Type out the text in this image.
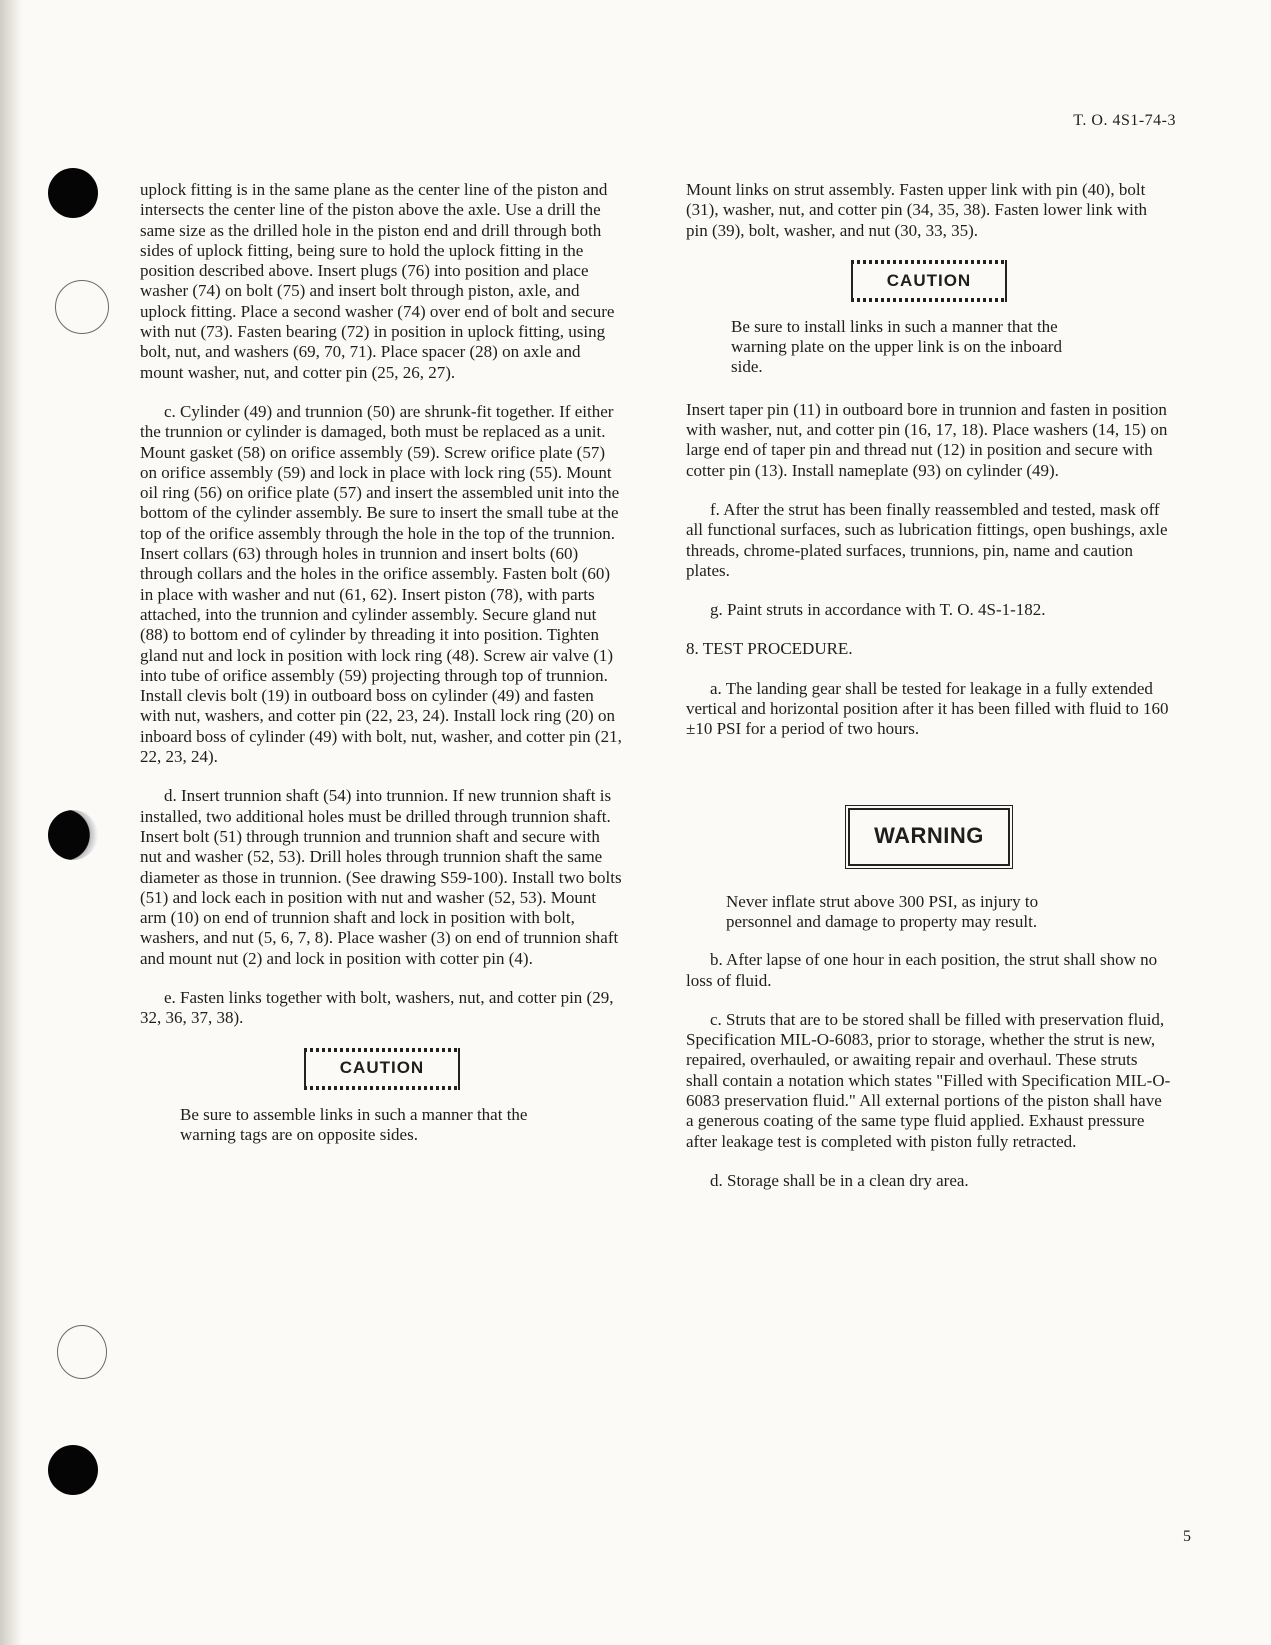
T. O. 4S1-74-3

uplock fitting is in the same plane as the center line of the piston and intersects the center line of the piston above the axle. Use a drill the same size as the drilled hole in the piston end and drill through both sides of uplock fitting, being sure to hold the uplock fitting in the position described above. Insert plugs (76) into position and place washer (74) on bolt (75) and insert bolt through piston, axle, and uplock fitting. Place a second washer (74) over end of bolt and secure with nut (73). Fasten bearing (72) in position in uplock fitting, using bolt, nut, and washers (69, 70, 71). Place spacer (28) on axle and mount washer, nut, and cotter pin (25, 26, 27).

c. Cylinder (49) and trunnion (50) are shrunk-fit together. If either the trunnion or cylinder is damaged, both must be replaced as a unit. Mount gasket (58) on orifice assembly (59). Screw orifice plate (57) on orifice assembly (59) and lock in place with lock ring (55). Mount oil ring (56) on orifice plate (57) and insert the assembled unit into the bottom of the cylinder assembly. Be sure to insert the small tube at the top of the orifice assembly through the hole in the top of the trunnion. Insert collars (63) through holes in trunnion and insert bolts (60) through collars and the holes in the orifice assembly. Fasten bolt (60) in place with washer and nut (61, 62). Insert piston (78), with parts attached, into the trunnion and cylinder assembly. Secure gland nut (88) to bottom end of cylinder by threading it into position. Tighten gland nut and lock in position with lock ring (48). Screw air valve (1) into tube of orifice assembly (59) projecting through top of trunnion. Install clevis bolt (19) in outboard boss on cylinder (49) and fasten with nut, washers, and cotter pin (22, 23, 24). Install lock ring (20) on inboard boss of cylinder (49) with bolt, nut, washer, and cotter pin (21, 22, 23, 24).

d. Insert trunnion shaft (54) into trunnion. If new trunnion shaft is installed, two additional holes must be drilled through trunnion shaft. Insert bolt (51) through trunnion and trunnion shaft and secure with nut and washer (52, 53). Drill holes through trunnion shaft the same diameter as those in trunnion. (See drawing S59-100). Install two bolts (51) and lock each in position with nut and washer (52, 53). Mount arm (10) on end of trunnion shaft and lock in position with bolt, washers, and nut (5, 6, 7, 8). Place washer (3) on end of trunnion shaft and mount nut (2) and lock in position with cotter pin (4).

e. Fasten links together with bolt, washers, nut, and cotter pin (29, 32, 36, 37, 38).

CAUTION

Be sure to assemble links in such a manner that the warning tags are on opposite sides.

Mount links on strut assembly. Fasten upper link with pin (40), bolt (31), washer, nut, and cotter pin (34, 35, 38). Fasten lower link with pin (39), bolt, washer, and nut (30, 33, 35).

CAUTION

Be sure to install links in such a manner that the warning plate on the upper link is on the inboard side.

Insert taper pin (11) in outboard bore in trunnion and fasten in position with washer, nut, and cotter pin (16, 17, 18). Place washers (14, 15) on large end of taper pin and thread nut (12) in position and secure with cotter pin (13). Install nameplate (93) on cylinder (49).

f. After the strut has been finally reassembled and tested, mask off all functional surfaces, such as lubrication fittings, open bushings, axle threads, chrome-plated surfaces, trunnions, pin, name and caution plates.

g. Paint struts in accordance with T. O. 4S-1-182.

8. TEST PROCEDURE.

a. The landing gear shall be tested for leakage in a fully extended vertical and horizontal position after it has been filled with fluid to 160 ±10 PSI for a period of two hours.

WARNING

Never inflate strut above 300 PSI, as injury to personnel and damage to property may result.

b. After lapse of one hour in each position, the strut shall show no loss of fluid.

c. Struts that are to be stored shall be filled with preservation fluid, Specification MIL-O-6083, prior to storage, whether the strut is new, repaired, overhauled, or awaiting repair and overhaul. These struts shall contain a notation which states "Filled with Specification MIL-O-6083 preservation fluid." All external portions of the piston shall have a generous coating of the same type fluid applied. Exhaust pressure after leakage test is completed with piston fully retracted.

d. Storage shall be in a clean dry area.

5
